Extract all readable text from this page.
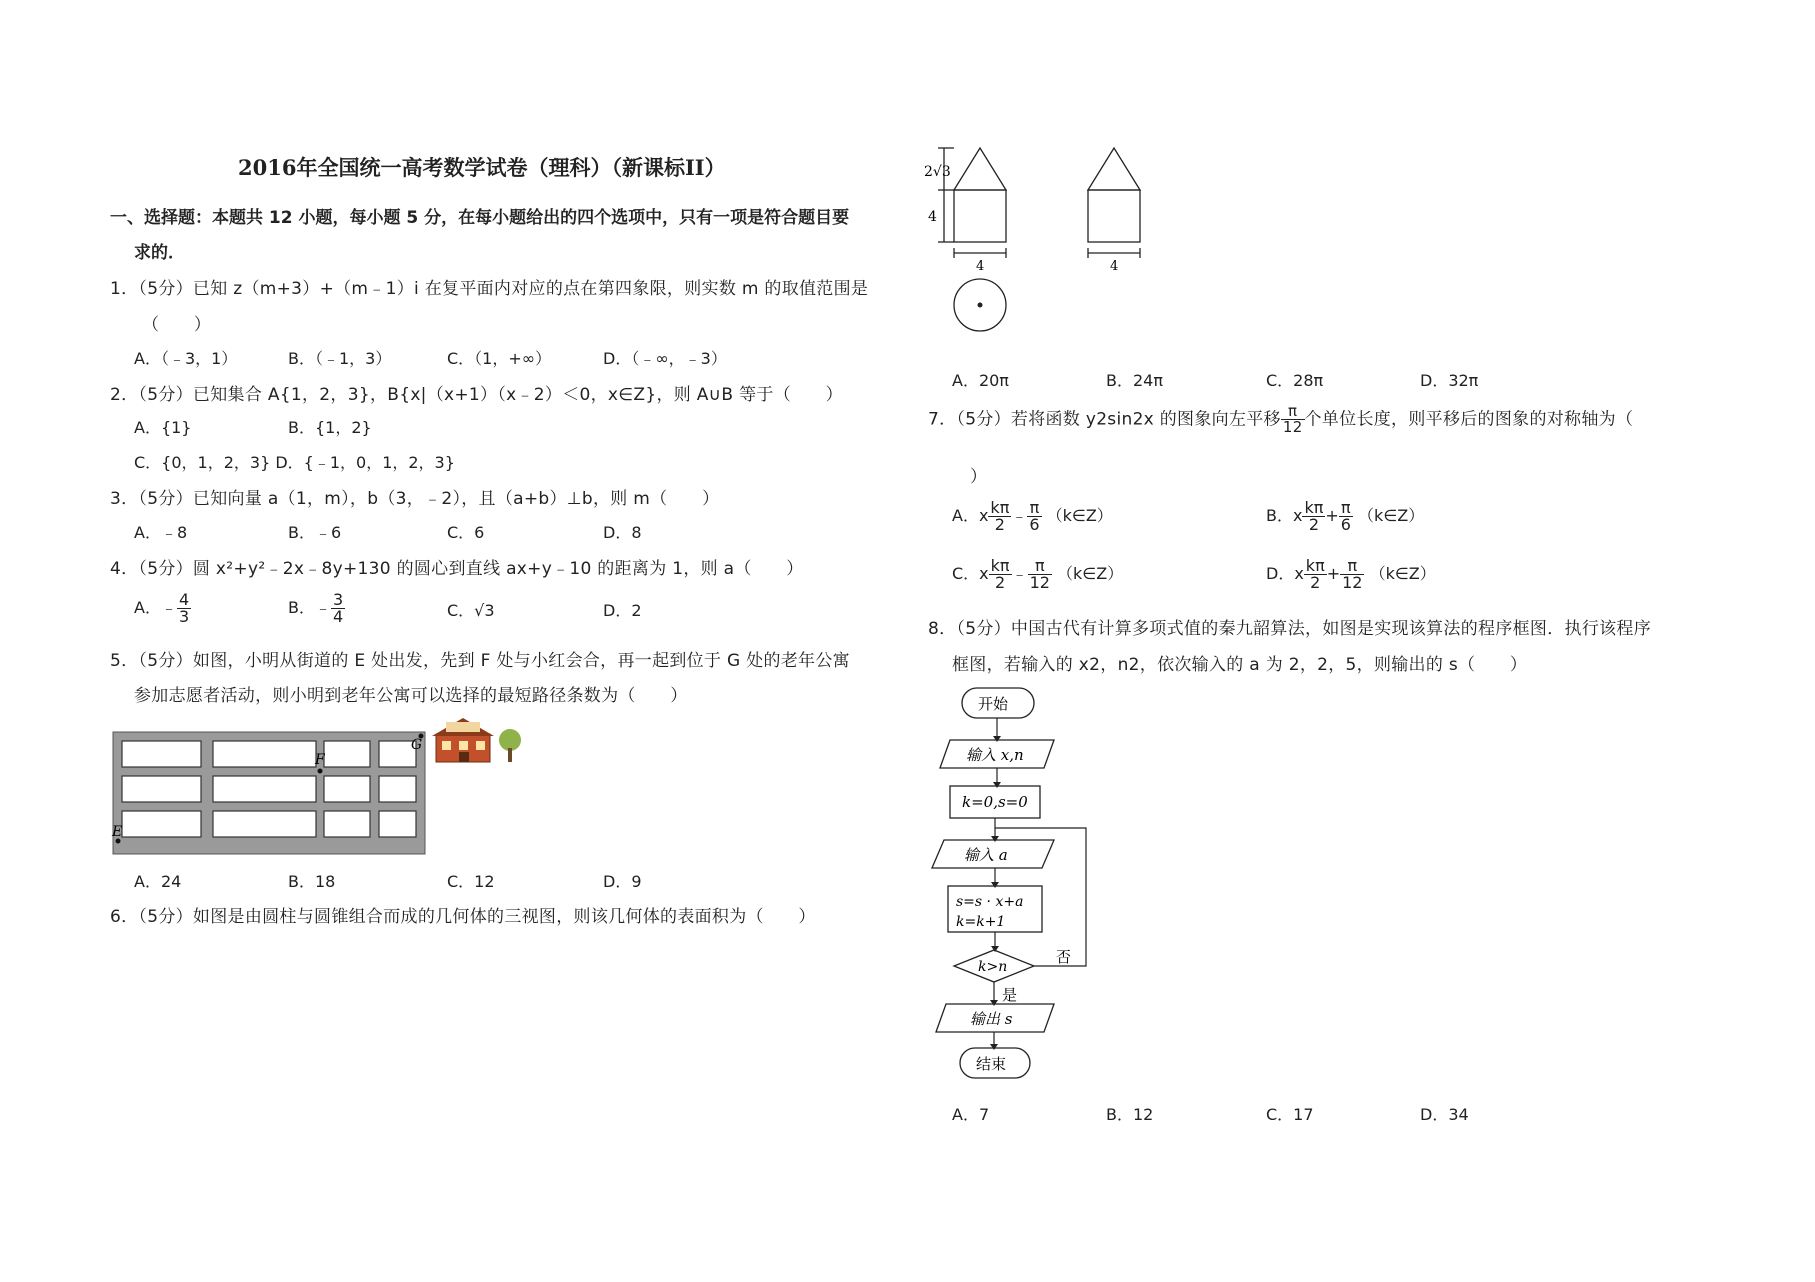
2016年全国统一高考数学试卷（理科）（新课标II）
一、选择题：本题共 12 小题，每小题 5 分，在每小题给出的四个选项中，只有一项是符合题目要
求的．
1．（5分）已知 z（m+3）+（m﹣1）i 在复平面内对应的点在第四象限，则实数 m 的取值范围是
（　　）
A．（﹣3，1）	B．（﹣1，3）	C．（1，+∞）	D．（﹣∞，﹣3）
2．（5分）已知集合 A{1，2，3}，B{x|（x+1）（x﹣2）＜0，x∈Z}，则 A∪B 等于（　　）
A．{1}	B．{1，2}
C．{0，1，2，3} D．{﹣1，0，1，2，3}
3．（5分）已知向量 a（1，m），b（3，﹣2），且（a+b）⊥b，则 m（　　）
A．﹣8	B．﹣6	C．6	D．8
4．（5分）圆 x²+y²﹣2x﹣8y+130 的圆心到直线 ax+y﹣10 的距离为 1，则 a（　　）
A．﹣ $\frac{4}{3}$	B．﹣ $\frac{3}{4}$	C．√3	D．2
5．（5分）如图，小明从街道的 E 处出发，先到 F 处与小红会合，再一起到位于 G 处的老年公寓
参加志愿者活动，则小明到老年公寓可以选择的最短路径条数为（　　）
F
E
G
A．24	B．18	C．12	D．9
6．（5分）如图是由圆柱与圆锥组合而成的几何体的三视图，则该几何体的表面积为（　　）
2√3
4
4	4
A．20π	B．24π	C．28π	D．32π
7．（5分）若将函数 y2sin2x 的图象向左平移 $\frac{\pi}{12}$ 个单位长度，则平移后的图象的对称轴为（
）
A．x $\frac{k\pi}{2}$ ﹣ $\frac{\pi}{6}$ （k∈Z）	B．x $\frac{k\pi}{2} + \frac{\pi}{6}$ （k∈Z）
C．x $\frac{k\pi}{2}$ ﹣ $\frac{\pi}{12}$ （k∈Z）	D．x $\frac{k\pi}{2} + \frac{\pi}{12}$ （k∈Z）
8．（5分）中国古代有计算多项式值的秦九韶算法，如图是实现该算法的程序框图．执行该程序
框图，若输入的 x2，n2，依次输入的 a 为 2，2，5，则输出的 s（　　）
开始
输入 x,n
k=0,s=0
输入 a
s=s · x+a
k=k+1
k>n
否
是
输出 s
结束
A．7	B．12	C．17	D．34
